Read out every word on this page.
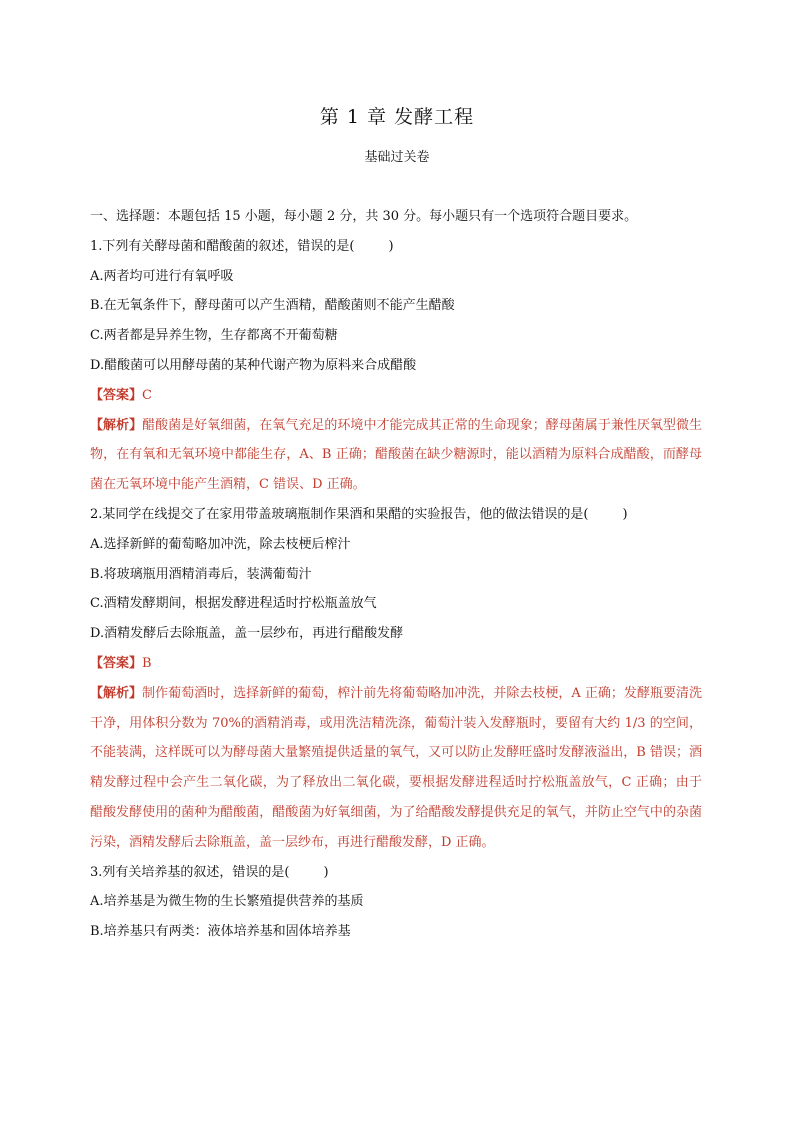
第 1 章 发酵工程
基础过关卷
一、选择题：本题包括 15 小题，每小题 2 分，共 30 分。每小题只有一个选项符合题目要求。
1.下列有关酵母菌和醋酸菌的叙述，错误的是(	)
A.两者均可进行有氧呼吸
B.在无氧条件下，酵母菌可以产生酒精，醋酸菌则不能产生醋酸
C.两者都是异养生物，生存都离不开葡萄糖
D.醋酸菌可以用酵母菌的某种代谢产物为原料来合成醋酸
【答案】C
【解析】醋酸菌是好氧细菌，在氧气充足的环境中才能完成其正常的生命现象；酵母菌属于兼性厌氧型微生物，在有氧和无氧环境中都能生存，A、B 正确；醋酸菌在缺少糖源时，能以酒精为原料合成醋酸，而酵母菌在无氧环境中能产生酒精，C 错误、D 正确。
2.某同学在线提交了在家用带盖玻璃瓶制作果酒和果醋的实验报告，他的做法错误的是(	)
A.选择新鲜的葡萄略加冲洗，除去枝梗后榨汁
B.将玻璃瓶用酒精消毒后，装满葡萄汁
C.酒精发酵期间，根据发酵进程适时拧松瓶盖放气
D.酒精发酵后去除瓶盖，盖一层纱布，再进行醋酸发酵
【答案】B
【解析】制作葡萄酒时，选择新鲜的葡萄，榨汁前先将葡萄略加冲洗，并除去枝梗，A 正确；发酵瓶要清洗干净，用体积分数为 70%的酒精消毒，或用洗洁精洗涤，葡萄汁装入发酵瓶时，要留有大约 1/3 的空间，不能装满，这样既可以为酵母菌大量繁殖提供适量的氧气，又可以防止发酵旺盛时发酵液溢出，B 错误；酒精发酵过程中会产生二氧化碳，为了释放出二氧化碳，要根据发酵进程适时拧松瓶盖放气，C 正确；由于醋酸发酵使用的菌种为醋酸菌，醋酸菌为好氧细菌，为了给醋酸发酵提供充足的氧气，并防止空气中的杂菌污染，酒精发酵后去除瓶盖，盖一层纱布，再进行醋酸发酵，D 正确。
3.列有关培养基的叙述，错误的是(	)
A.培养基是为微生物的生长繁殖提供营养的基质
B.培养基只有两类：液体培养基和固体培养基
